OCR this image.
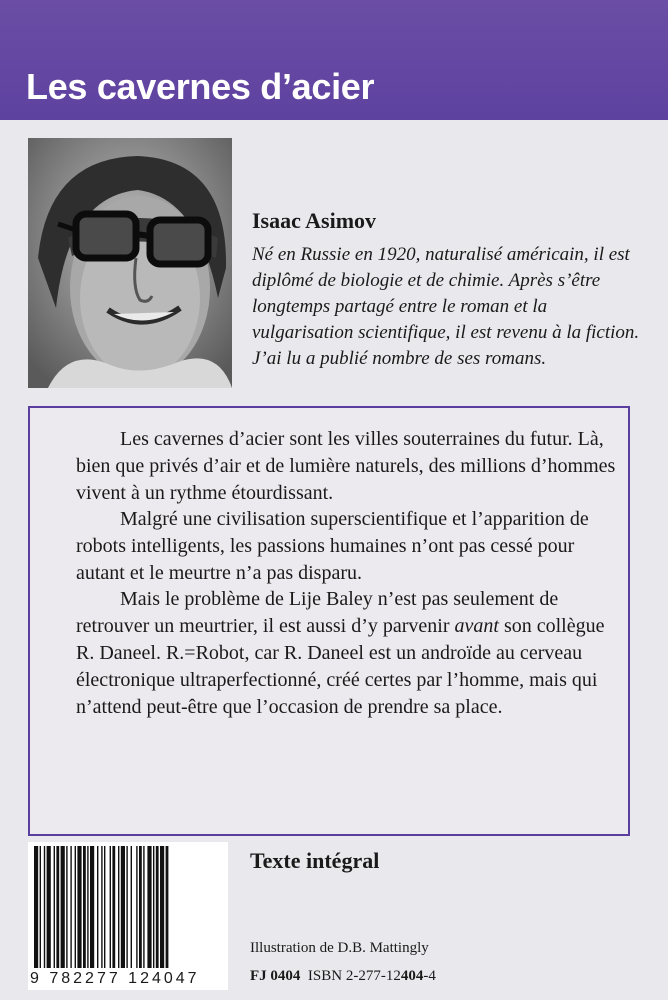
Les cavernes d’acier
Isaac Asimov

Né en Russie en 1920, naturalisé américain, il est diplômé de biologie et de chimie. Après s’être longtemps partagé entre le roman et la vulgarisation scientifique, il est revenu à la fiction. J’ai lu a publié nombre de ses romans.

Les cavernes d’acier sont les villes souterraines du futur. Là, bien que privés d’air et de lumière naturels, des millions d’hommes vivent à un rythme étourdissant.

Malgré une civilisation superscientifique et l’apparition de robots intelligents, les passions humaines n’ont pas cessé pour autant et le meurtre n’a pas disparu.

Mais le problème de Lije Baley n’est pas seulement de retrouver un meurtrier, il est aussi d’y parvenir avant son collègue R. Daneel. R.=Robot, car R. Daneel est un androïde au cerveau électronique ultraperfectionné, créé certes par l’homme, mais qui n’attend peut-être que l’occasion de prendre sa place.

9 782277 124047

Texte intégral

Illustration de D.B. Mattingly

FJ 0404 ISBN 2-277-12404-4
